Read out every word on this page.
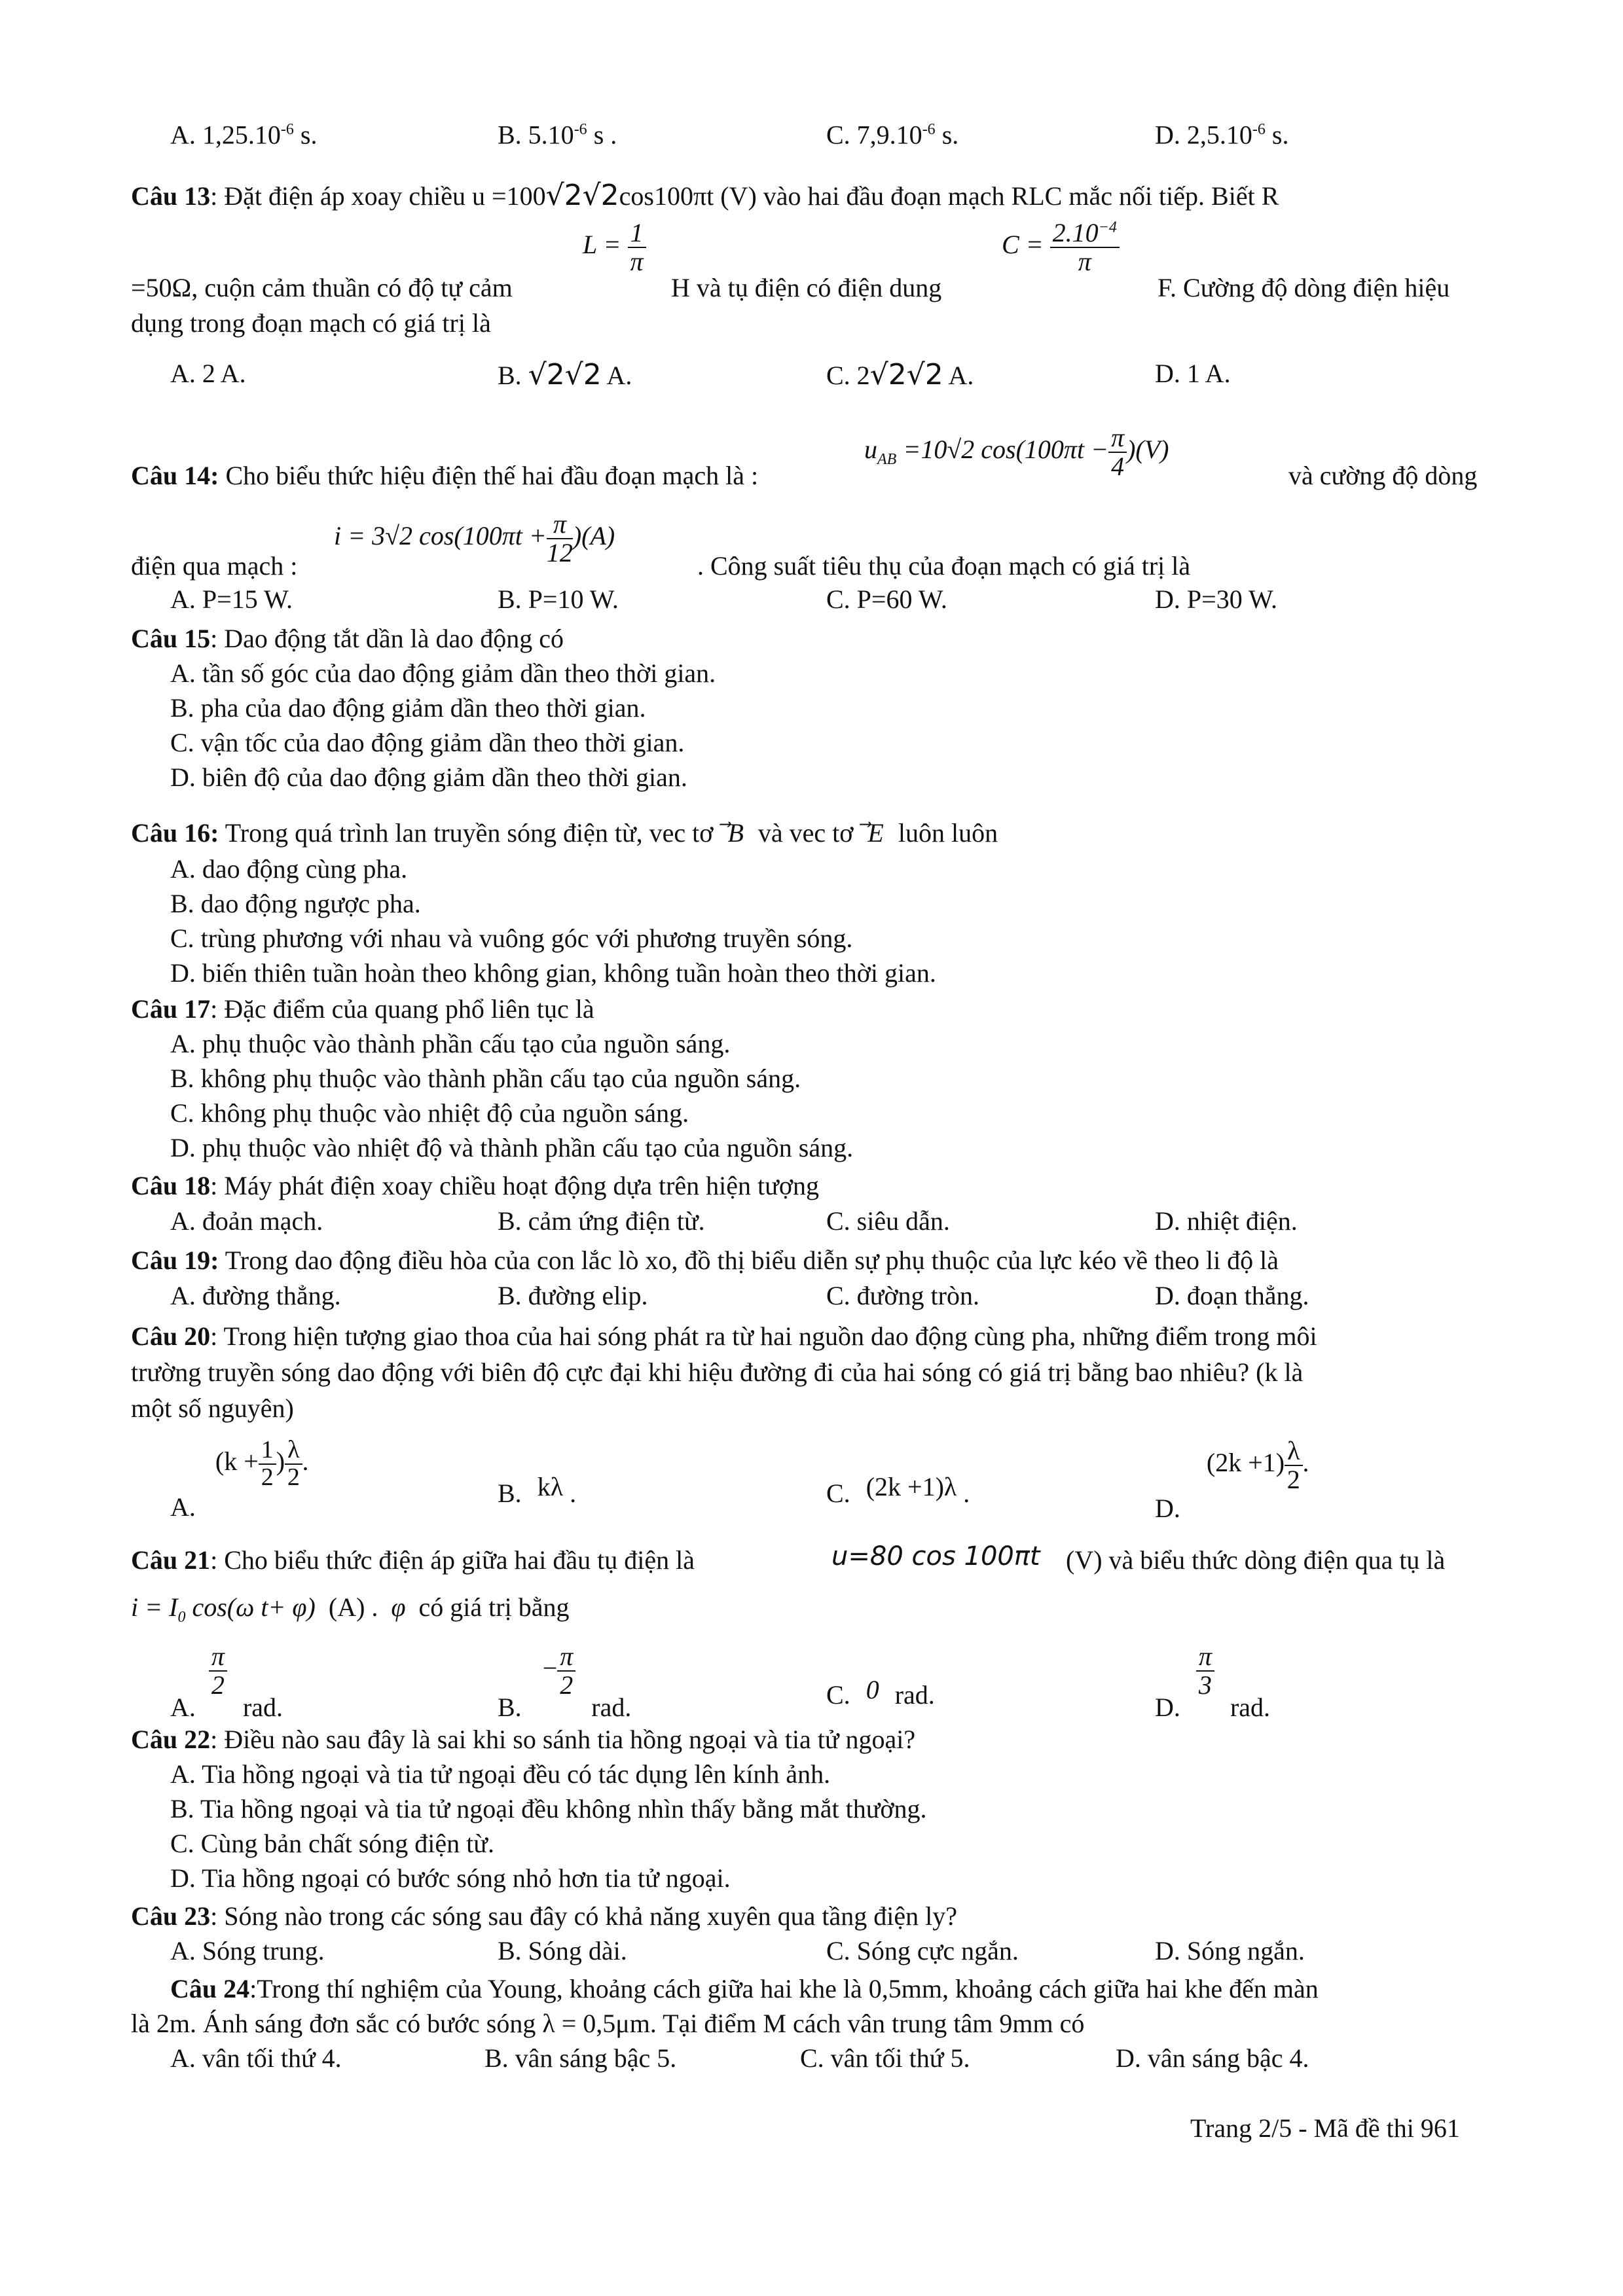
A. $1,25.10^{-6}$ s.	B. $5.10^{-6}$ s .	C. $7,9.10^{-6}$ s.	D. $2,5.10^{-6}$ s.
Câu 13: Đặt điện áp xoay chiều u =100√2√2cos100πt (V) vào hai đầu đoạn mạch RLC mắc nối tiếp. Biết R
$L = \frac{1}{\pi}$	$C = \frac{2.10^{-4}}{\pi}$
=50Ω, cuộn cảm thuần có độ tự cảm	H và tụ điện có điện dung	F. Cường độ dòng điện hiệu
dụng trong đoạn mạch có giá trị là
A. 2 A.	B. √2√2 A.	C. 2√2√2 A.	D. 1 A.
$u_{AB} =10√2$ $\cos(100\pi t - \frac{\pi}{4} )(V)$
Câu 14: Cho biểu thức hiệu điện thế hai đầu đoạn mạch là :	và cường độ dòng
i = 3√2 $\cos(100\pi t + \frac{\pi}{12} )(A)$
điện qua mạch :	. Công suất tiêu thụ của đoạn mạch có giá trị là
A. P=15 W.	B. P=10 W.	C. P=60 W.	D. P=30 W.
Câu 15: Dao động tắt dần là dao động có
A. tần số góc của dao động giảm dần theo thời gian.
B. pha của dao động giảm dần theo thời gian.
C. vận tốc của dao động giảm dần theo thời gian.
D. biên độ của dao động giảm dần theo thời gian.
Câu 16: Trong quá trình lan truyền sóng điện từ, vec tơ B và vec tơ E luôn luôn
A. dao động cùng pha.
B. dao động ngược pha.
C. trùng phương với nhau và vuông góc với phương truyền sóng.
D. biến thiên tuần hoàn theo không gian, không tuần hoàn theo thời gian.
Câu 17: Đặc điểm của quang phổ liên tục là
A. phụ thuộc vào thành phần cấu tạo của nguồn sáng.
B. không phụ thuộc vào thành phần cấu tạo của nguồn sáng.
C. không phụ thuộc vào nhiệt độ của nguồn sáng.
D. phụ thuộc vào nhiệt độ và thành phần cấu tạo của nguồn sáng.
Câu 18: Máy phát điện xoay chiều hoạt động dựa trên hiện tượng
A. đoản mạch.	B. cảm ứng điện từ.	C. siêu dẫn.	D. nhiệt điện.
Câu 19: Trong dao động điều hòa của con lắc lò xo, đồ thị biểu diễn sự phụ thuộc của lực kéo về theo li độ là
A. đường thẳng.	B. đường elip.	C. đường tròn.	D. đoạn thẳng.
Câu 20: Trong hiện tượng giao thoa của hai sóng phát ra từ hai nguồn dao động cùng pha, những điểm trong môi
trường truyền sóng dao động với biên độ cực đại khi hiệu đường đi của hai sóng có giá trị bằng bao nhiêu? (k là
một số nguyên)
A. ($k + \frac{1}{2}$ ) $\frac{\lambda}{2}$ .
B. kλ .	C. (2k +1)λ .
D. $(2k +1) \frac{\lambda}{2}$ .
Câu 21: Cho biểu thức điện áp giữa hai đầu tụ điện là	u=80 cos 100πt (V) và biểu thức dòng điện qua tụ là
$i = I_0$ cos(ω t+ φ) (A) . φ có giá trị bằng
A.
$\frac{\pi}{2}$
rad.	B. − $\frac{\pi}{2}$
rad.	C. 0 rad.	D.
$\frac{\pi}{3}$
rad.
Câu 22: Điều nào sau đây là sai khi so sánh tia hồng ngoại và tia tử ngoại?
A. Tia hồng ngoại và tia tử ngoại đều có tác dụng lên kính ảnh.
B. Tia hồng ngoại và tia tử ngoại đều không nhìn thấy bằng mắt thường.
C. Cùng bản chất sóng điện từ.
D. Tia hồng ngoại có bước sóng nhỏ hơn tia tử ngoại.
Câu 23: Sóng nào trong các sóng sau đây có khả năng xuyên qua tầng điện ly?
A. Sóng trung.	B. Sóng dài.	C. Sóng cực ngắn.	D. Sóng ngắn.
Câu 24:Trong thí nghiệm của Young, khoảng cách giữa hai khe là 0,5mm, khoảng cách giữa hai khe đến màn
là 2m. Ánh sáng đơn sắc có bước sóng λ = 0,5μm. Tại điểm M cách vân trung tâm 9mm có
A. vân tối thứ 4.	B. vân sáng bậc 5.	C. vân tối thứ 5.	D. vân sáng bậc 4.
Trang 2/5 - Mã đề thi 961
